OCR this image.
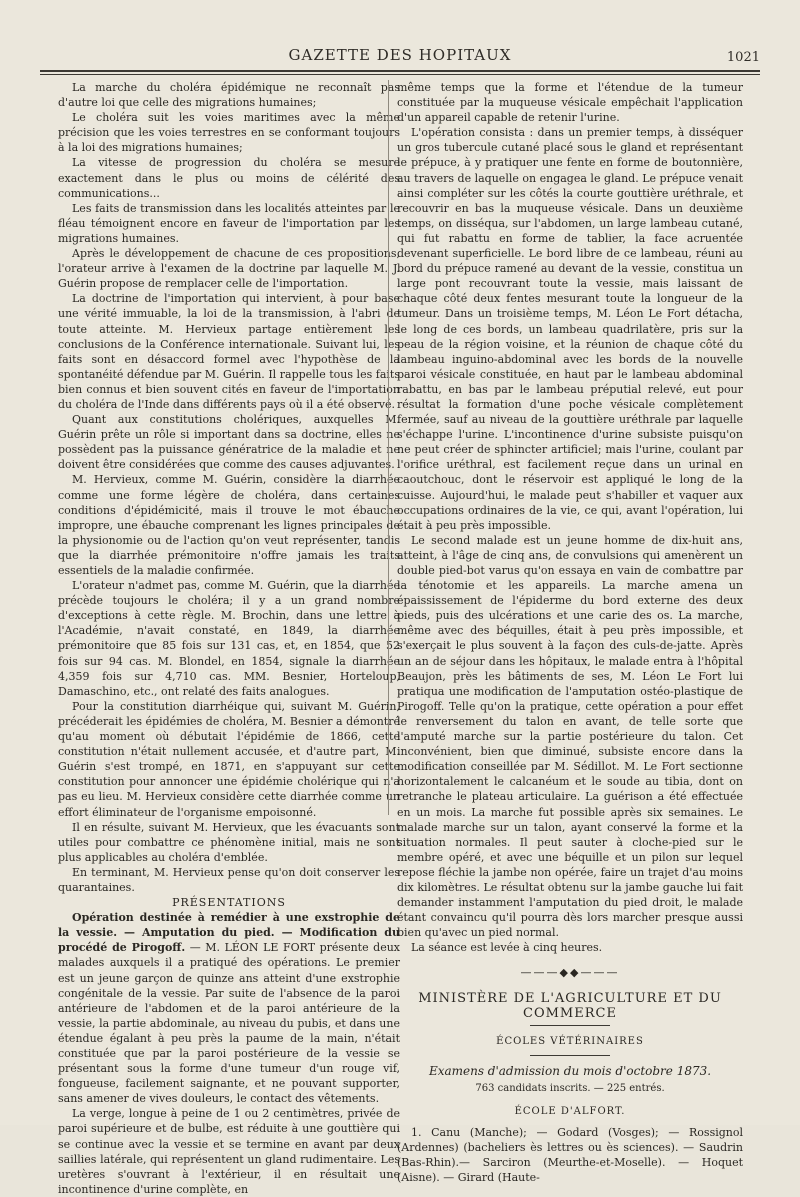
GAZETTE DES HOPITAUX	1021

La marche du choléra épidémique ne reconnaît pas d'autre loi que celle des migrations humaines;

Le choléra suit les voies maritimes avec la même précision que les voies terrestres en se conformant toujours à la loi des migrations humaines;

La vitesse de progression du choléra se mesure exactement dans le plus ou moins de célérité des communications...

Les faits de transmission dans les localités atteintes par le fléau témoignent encore en faveur de l'importation par les migrations humaines.

Après le développement de chacune de ces propositions, l'orateur arrive à l'examen de la doctrine par laquelle M. J. Guérin propose de remplacer celle de l'importation.

La doctrine de l'importation qui intervient, à pour base une vérité immuable, la loi de la transmission, à l'abri de toute atteinte. M. Hervieux partage entièrement les conclusions de la Conférence internationale. Suivant lui, les faits sont en désaccord formel avec l'hypothèse de la spontanéité défendue par M. Guérin. Il rappelle tous les faits bien connus et bien souvent cités en faveur de l'importation du choléra de l'Inde dans différents pays où il a été observé.

Quant aux constitutions cholériques, auxquelles M. Guérin prête un rôle si important dans sa doctrine, elles ne possèdent pas la puissance génératrice de la maladie et ne doivent être considérées que comme des causes adjuvantes.

M. Hervieux, comme M. Guérin, considère la diarrhée comme une forme légère de choléra, dans certaines conditions d'épidémicité, mais il trouve le mot ébauche impropre, une ébauche comprenant les lignes principales de la physionomie ou de l'action qu'on veut représenter, tandis que la diarrhée prémonitoire n'offre jamais les traits essentiels de la maladie confirmée.

L'orateur n'admet pas, comme M. Guérin, que la diarrhée précède toujours le choléra; il y a un grand nombre d'exceptions à cette règle. M. Brochin, dans une lettre à l'Académie, n'avait constaté, en 1849, la diarrhée prémonitoire que 85 fois sur 131 cas, et, en 1854, que 52 fois sur 94 cas. M. Blondel, en 1854, signale la diarrhée 4,359 fois sur 4,710 cas. MM. Besnier, Horteloup, Damaschino, etc., ont relaté des faits analogues.

Pour la constitution diarrhéique qui, suivant M. Guérin, précéderait les épidémies de choléra, M. Besnier a démontré qu'au moment où débutait l'épidémie de 1866, cette constitution n'était nullement accusée, et d'autre part, M. Guérin s'est trompé, en 1871, en s'appuyant sur cette constitution pour annoncer une épidémie cholérique qui n'a pas eu lieu. M. Hervieux considère cette diarrhée comme un effort éliminateur de l'organisme empoisonné.

Il en résulte, suivant M. Hervieux, que les évacuants sont utiles pour combattre ce phénomène initial, mais ne sont plus applicables au choléra d'emblée.

En terminant, M. Hervieux pense qu'on doit conserver les quarantaines.

PRÉSENTATIONS

Opération destinée à remédier à une exstrophie de la vessie. — Amputation du pied. — Modification du procédé de Pirogoff. — M. LÉON LE FORT présente deux malades auxquels il a pratiqué des opérations. Le premier est un jeune garçon de quinze ans atteint d'une exstrophie congénitale de la vessie. Par suite de l'absence de la paroi antérieure de l'abdomen et de la paroi antérieure de la vessie, la partie abdominale, au niveau du pubis, et dans une étendue égalant à peu près la paume de la main, n'était constituée que par la paroi postérieure de la vessie se présentant sous la forme d'une tumeur d'un rouge vif, fongueuse, facilement saignante, et ne pouvant supporter, sans amener de vives douleurs, le contact des vêtements.

La verge, longue à peine de 1 ou 2 centimètres, privée de paroi supérieure et de bulbe, est réduite à une gouttière qui se continue avec la vessie et se termine en avant par deux saillies latérale, qui représentent un gland rudimentaire. Les uretères s'ouvrant à l'extérieur, il en résultait une incontinence d'urine complète, en

même temps que la forme et l'étendue de la tumeur constituée par la muqueuse vésicale empêchait l'application d'un appareil capable de retenir l'urine.

L'opération consista : dans un premier temps, à disséquer un gros tubercule cutané placé sous le gland et représentant le prépuce, à y pratiquer une fente en forme de boutonnière, au travers de laquelle on engagea le gland. Le prépuce venait ainsi compléter sur les côtés la courte gouttière uréthrale, et recouvrir en bas la muqueuse vésicale. Dans un deuxième temps, on disséqua, sur l'abdomen, un large lambeau cutané, qui fut rabattu en forme de tablier, la face acruentée devenant superficielle. Le bord libre de ce lambeau, réuni au bord du prépuce ramené au devant de la vessie, constitua un large pont recouvrant toute la vessie, mais laissant de chaque côté deux fentes mesurant toute la longueur de la tumeur. Dans un troisième temps, M. Léon Le Fort détacha, le long de ces bords, un lambeau quadrilatère, pris sur la peau de la région voisine, et la réunion de chaque côté du lambeau inguino-abdominal avec les bords de la nouvelle paroi vésicale constituée, en haut par le lambeau abdominal rabattu, en bas par le lambeau préputial relevé, eut pour résultat la formation d'une poche vésicale complètement fermée, sauf au niveau de la gouttière uréthrale par laquelle s'échappe l'urine. L'incontinence d'urine subsiste puisqu'on ne peut créer de sphincter artificiel; mais l'urine, coulant par l'orifice uréthral, est facilement reçue dans un urinal en caoutchouc, dont le réservoir est appliqué le long de la cuisse. Aujourd'hui, le malade peut s'habiller et vaquer aux occupations ordinaires de la vie, ce qui, avant l'opération, lui était à peu près impossible.

Le second malade est un jeune homme de dix-huit ans, atteint, à l'âge de cinq ans, de convulsions qui amenèrent un double pied-bot varus qu'on essaya en vain de combattre par la ténotomie et les appareils. La marche amena un épaississement de l'épiderme du bord externe des deux pieds, puis des ulcérations et une carie des os. La marche, même avec des béquilles, était à peu près impossible, et s'exerçait le plus souvent à la façon des culs-de-jatte. Après un an de séjour dans les hôpitaux, le malade entra à l'hôpital Beaujon, près les bâtiments de ses, M. Léon Le Fort lui pratiqua une modification de l'amputation ostéo-plastique de Pirogoff. Telle qu'on la pratique, cette opération a pour effet le renversement du talon en avant, de telle sorte que l'amputé marche sur la partie postérieure du talon. Cet inconvénient, bien que diminué, subsiste encore dans la modification conseillée par M. Sédillot. M. Le Fort sectionne horizontalement le calcanéum et le soude au tibia, dont on retranche le plateau articulaire. La guérison a été effectuée en un mois. La marche fut possible après six semaines. Le malade marche sur un talon, ayant conservé la forme et la situation normales. Il peut sauter à cloche-pied sur le membre opéré, et avec une béquille et un pilon sur lequel repose fléchie la jambe non opérée, faire un trajet d'au moins dix kilomètres. Le résultat obtenu sur la jambe gauche lui fait demander instamment l'amputation du pied droit, le malade étant convaincu qu'il pourra dès lors marcher presque aussi bien qu'avec un pied normal.

La séance est levée à cinq heures.

———◆◆———
MINISTÈRE DE L'AGRICULTURE ET DU COMMERCE
ÉCOLES VÉTÉRINAIRES
Examens d'admission du mois d'octobre 1873.
763 candidats inscrits. — 225 entrés.
ÉCOLE D'ALFORT.

1. Canu (Manche); — Godard (Vosges); — Rossignol (Ardennes) (bacheliers ès lettres ou ès sciences). — Saudrin (Bas-Rhin).— Sarciron (Meurthe-et-Moselle). — Hoquet (Aisne). — Girard (Haute-
